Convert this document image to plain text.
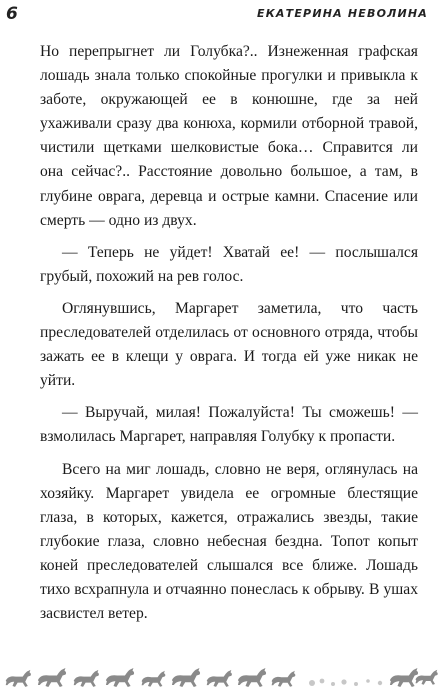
6	ЕКАТЕРИНА НЕВОЛИНА

Но перепрыгнет ли Голубка?.. Изнеженная графская лошадь знала только спокойные прогулки и привыкла к заботе, окружающей ее в конюшне, где за ней ухаживали сразу два конюха, кормили отборной травой, чистили щетками шелковистые бока… Справится ли она сейчас?.. Расстояние довольно большое, а там, в глубине оврага, деревца и острые камни. Спасение или смерть — одно из двух.

— Теперь не уйдет! Хватай ее! — послышался грубый, похожий на рев голос.

Оглянувшись, Маргарет заметила, что часть преследователей отделилась от основного отряда, чтобы зажать ее в клещи у оврага. И тогда ей уже никак не уйти.

— Выручай, милая! Пожалуйста! Ты сможешь! — взмолилась Маргарет, направляя Голубку к пропасти.

Всего на миг лошадь, словно не веря, оглянулась на хозяйку. Маргарет увидела ее огромные блестящие глаза, в которых, кажется, отражались звезды, такие глубокие глаза, словно небесная бездна. Топот копыт коней преследователей слышался все ближе. Лошадь тихо всхрапнула и отчаянно понеслась к обрыву. В ушах засвистел ветер.
